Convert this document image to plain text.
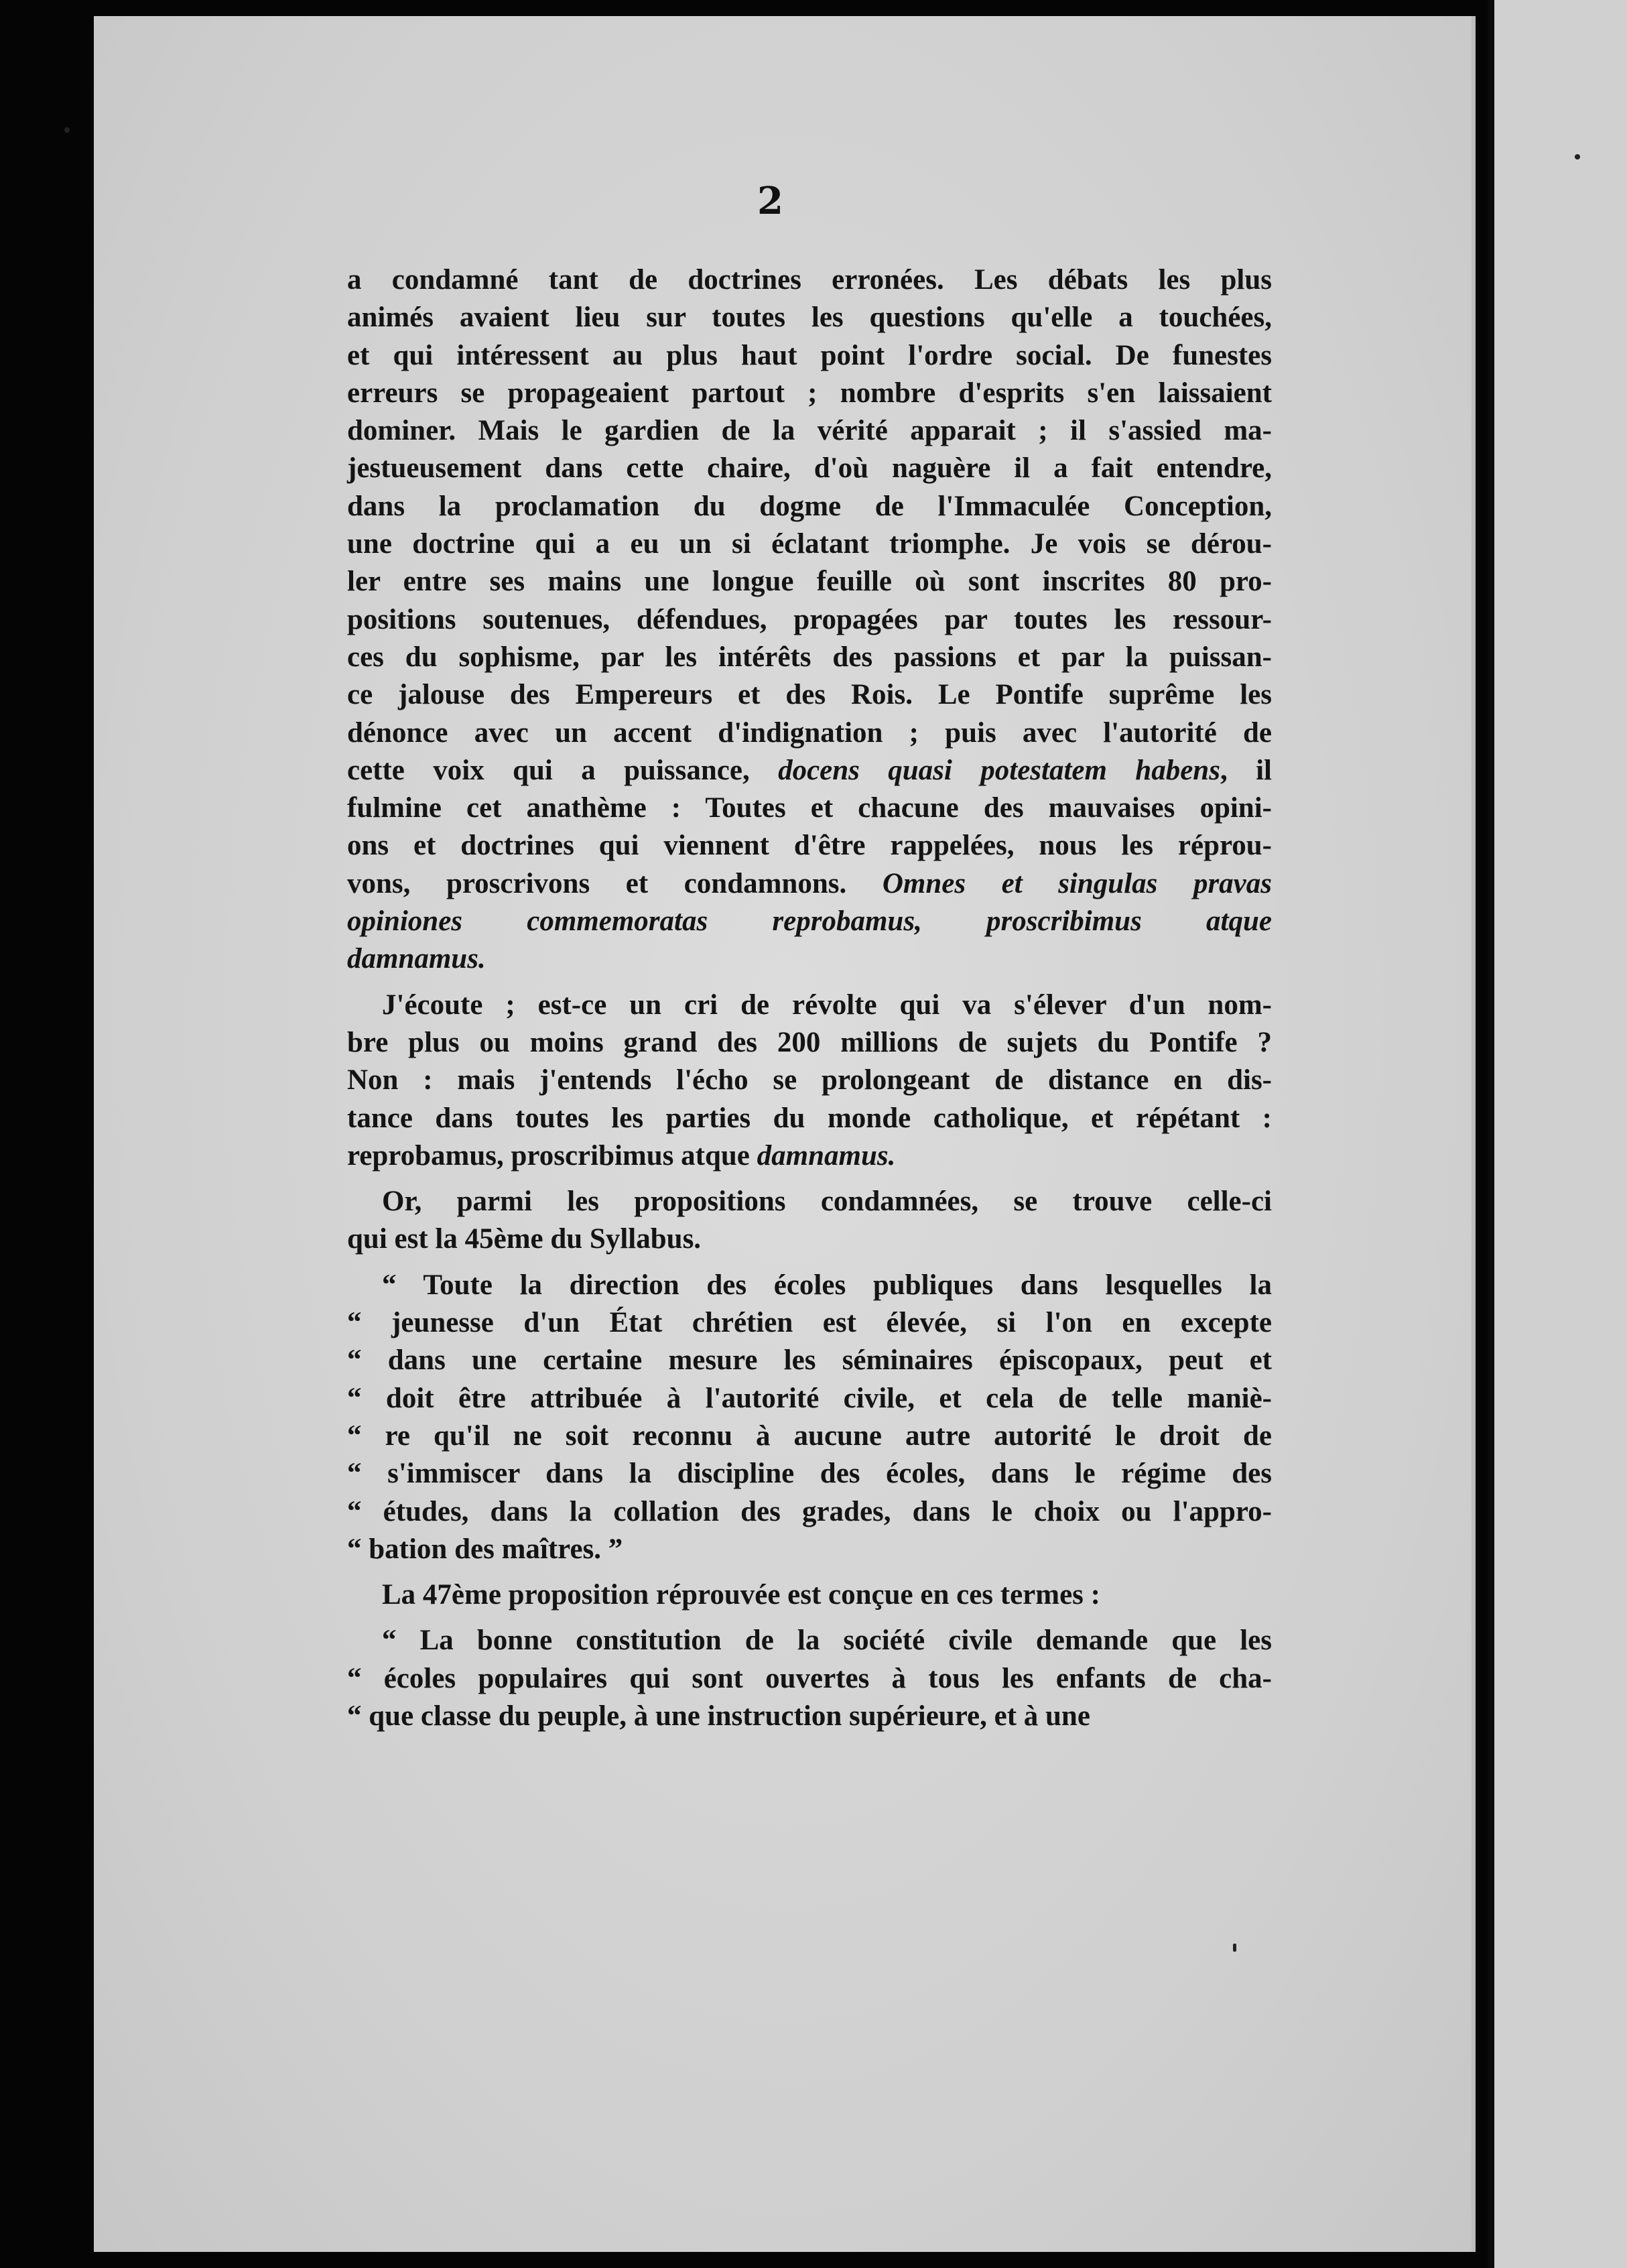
2

a condamné tant de doctrines erronées. Les débats les plus
animés avaient lieu sur toutes les questions qu'elle a touchées,
et qui intéressent au plus haut point l'ordre social. De funestes
erreurs se propageaient partout ; nombre d'esprits s'en laissaient
dominer. Mais le gardien de la vérité apparait ; il s'assied ma-
jestueusement dans cette chaire, d'où naguère il a fait entendre,
dans la proclamation du dogme de l'Immaculée Conception,
une doctrine qui a eu un si éclatant triomphe. Je vois se dérou-
ler entre ses mains une longue feuille où sont inscrites 80 pro-
positions soutenues, défendues, propagées par toutes les ressour-
ces du sophisme, par les intérêts des passions et par la puissan-
ce jalouse des Empereurs et des Rois. Le Pontife suprême les
dénonce avec un accent d'indignation ; puis avec l'autorité de
cette voix qui a puissance, docens quasi potestatem habens, il
fulmine cet anathème : Toutes et chacune des mauvaises opini-
ons et doctrines qui viennent d'être rappelées, nous les réprou-
vons, proscrivons et condamnons. Omnes et singulas pravas
opiniones commemoratas reprobamus, proscribimus atque
damnamus.

J'écoute ; est-ce un cri de révolte qui va s'élever d'un nom-
bre plus ou moins grand des 200 millions de sujets du Pontife ?
Non : mais j'entends l'écho se prolongeant de distance en dis-
tance dans toutes les parties du monde catholique, et répétant :
reprobamus, proscribimus atque damnamus.

Or, parmi les propositions condamnées, se trouve celle-ci
qui est la 45ème du Syllabus.

“ Toute la direction des écoles publiques dans lesquelles la
“ jeunesse d'un État chrétien est élevée, si l'on en excepte
“ dans une certaine mesure les séminaires épiscopaux, peut et
“ doit être attribuée à l'autorité civile, et cela de telle maniè-
“ re qu'il ne soit reconnu à aucune autre autorité le droit de
“ s'immiscer dans la discipline des écoles, dans le régime des
“ études, dans la collation des grades, dans le choix ou l'appro-
“ bation des maîtres. ”

La 47ème proposition réprouvée est conçue en ces termes :

“ La bonne constitution de la société civile demande que les
“ écoles populaires qui sont ouvertes à tous les enfants de cha-
“ que classe du peuple, à une instruction supérieure, et à une
